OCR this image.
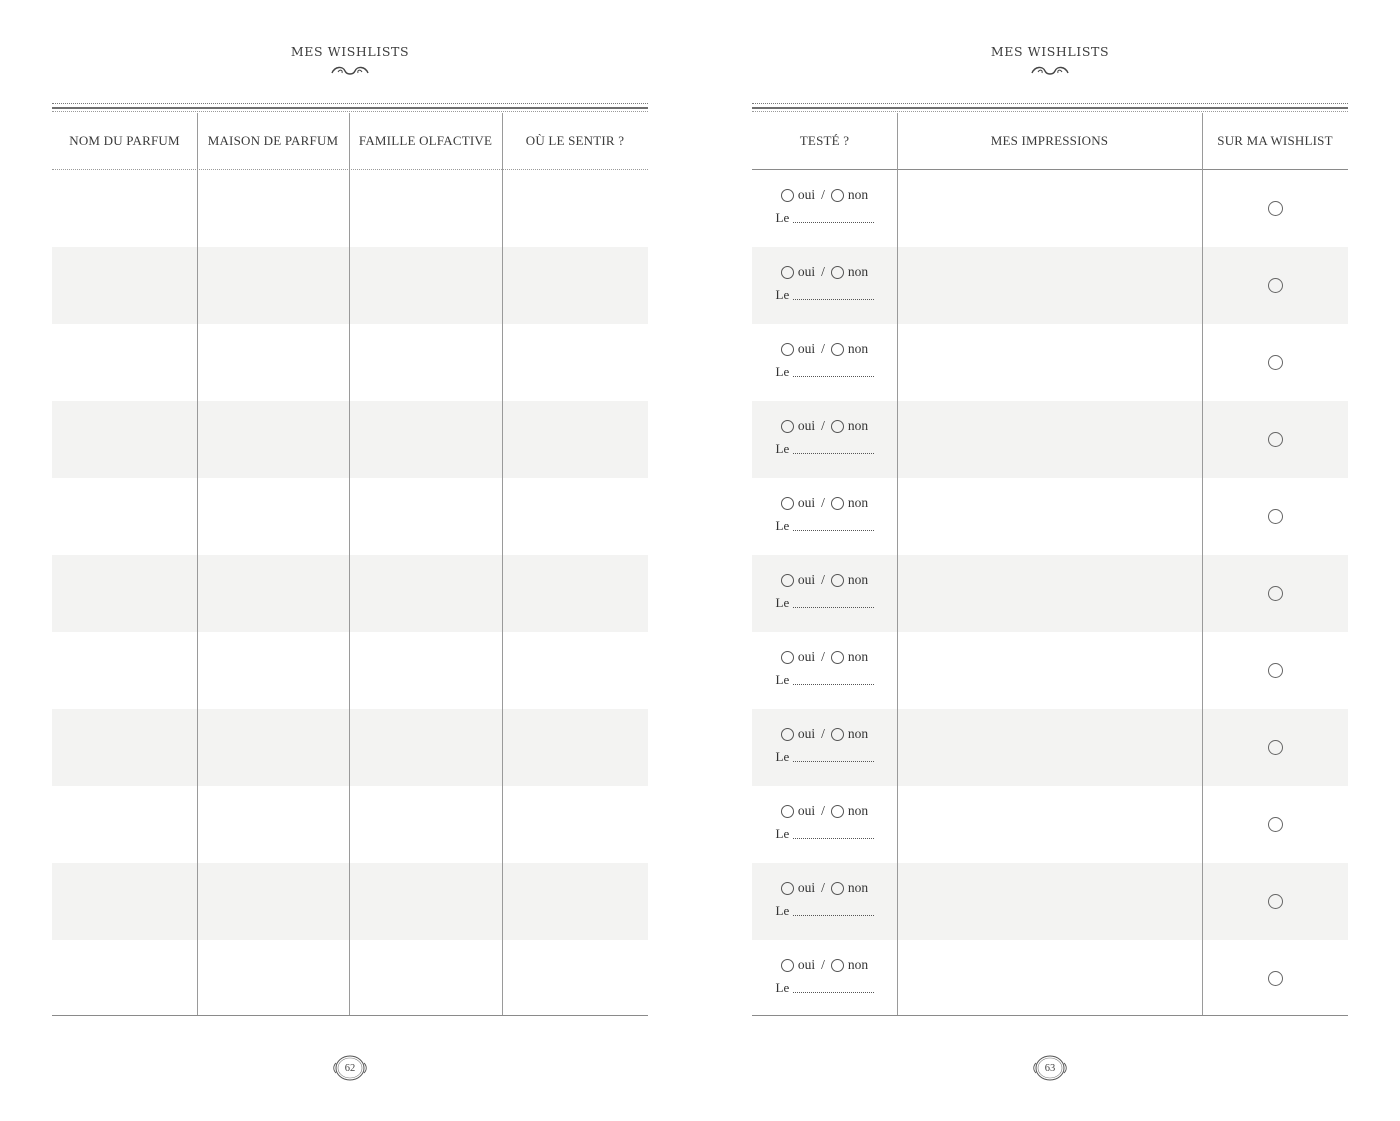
MES WISHLISTS
NOM DU PARFUM	MAISON DE PARFUM	FAMILLE OLFACTIVE	OÙ LE SENTIR ?
62
MES WISHLISTS
TESTÉ ?	MES IMPRESSIONS	SUR MA WISHLIST
oui / non
Le
oui / non
Le
oui / non
Le
oui / non
Le
oui / non
Le
oui / non
Le
oui / non
Le
oui / non
Le
oui / non
Le
oui / non
Le
oui / non
Le
63
